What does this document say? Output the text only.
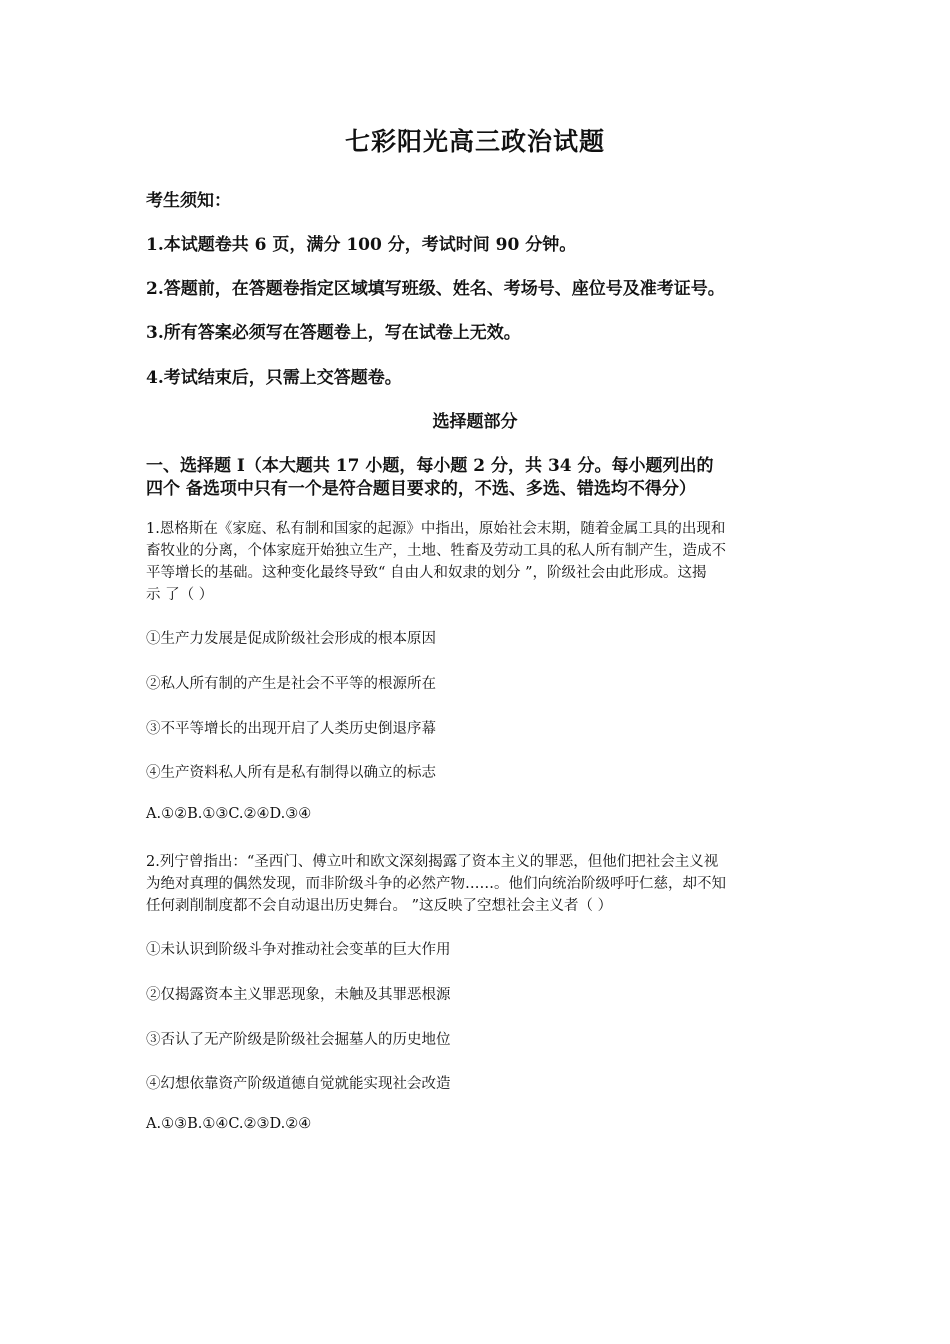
七彩阳光高三政治试题
考生须知：
1.本试题卷共 6 页，满分 100 分，考试时间 90 分钟。
2.答题前，在答题卷指定区域填写班级、姓名、考场号、座位号及准考证号。
3.所有答案必须写在答题卷上，写在试卷上无效。
4.考试结束后，只需上交答题卷。
选择题部分
一、选择题 Ⅰ（本大题共 17 小题，每小题 2 分，共 34 分。每小题列出的
四个 备选项中只有一个是符合题目要求的，不选、多选、错选均不得分）
1.恩格斯在《家庭、私有制和国家的起源》中指出，原始社会末期，随着金属工具的出现和
畜牧业的分离，个体家庭开始独立生产，土地、牲畜及劳动工具的私人所有制产生，造成不
平等增长的基础。这种变化最终导致“ 自由人和奴隶的划分 ”，阶级社会由此形成。这揭
示 了（ ）
①生产力发展是促成阶级社会形成的根本原因
②私人所有制的产生是社会不平等的根源所在
③不平等增长的出现开启了人类历史倒退序幕
④生产资料私人所有是私有制得以确立的标志
A.①②B.①③C.②④D.③④
2.列宁曾指出：“圣西门、傅立叶和欧文深刻揭露了资本主义的罪恶，但他们把社会主义视
为绝对真理的偶然发现，而非阶级斗争的必然产物……。他们向统治阶级呼吁仁慈，却不知
任何剥削制度都不会自动退出历史舞台。 ”这反映了空想社会主义者（ ）
①未认识到阶级斗争对推动社会变革的巨大作用
②仅揭露资本主义罪恶现象，未触及其罪恶根源
③否认了无产阶级是阶级社会掘墓人的历史地位
④幻想依靠资产阶级道德自觉就能实现社会改造
A.①③B.①④C.②③D.②④
